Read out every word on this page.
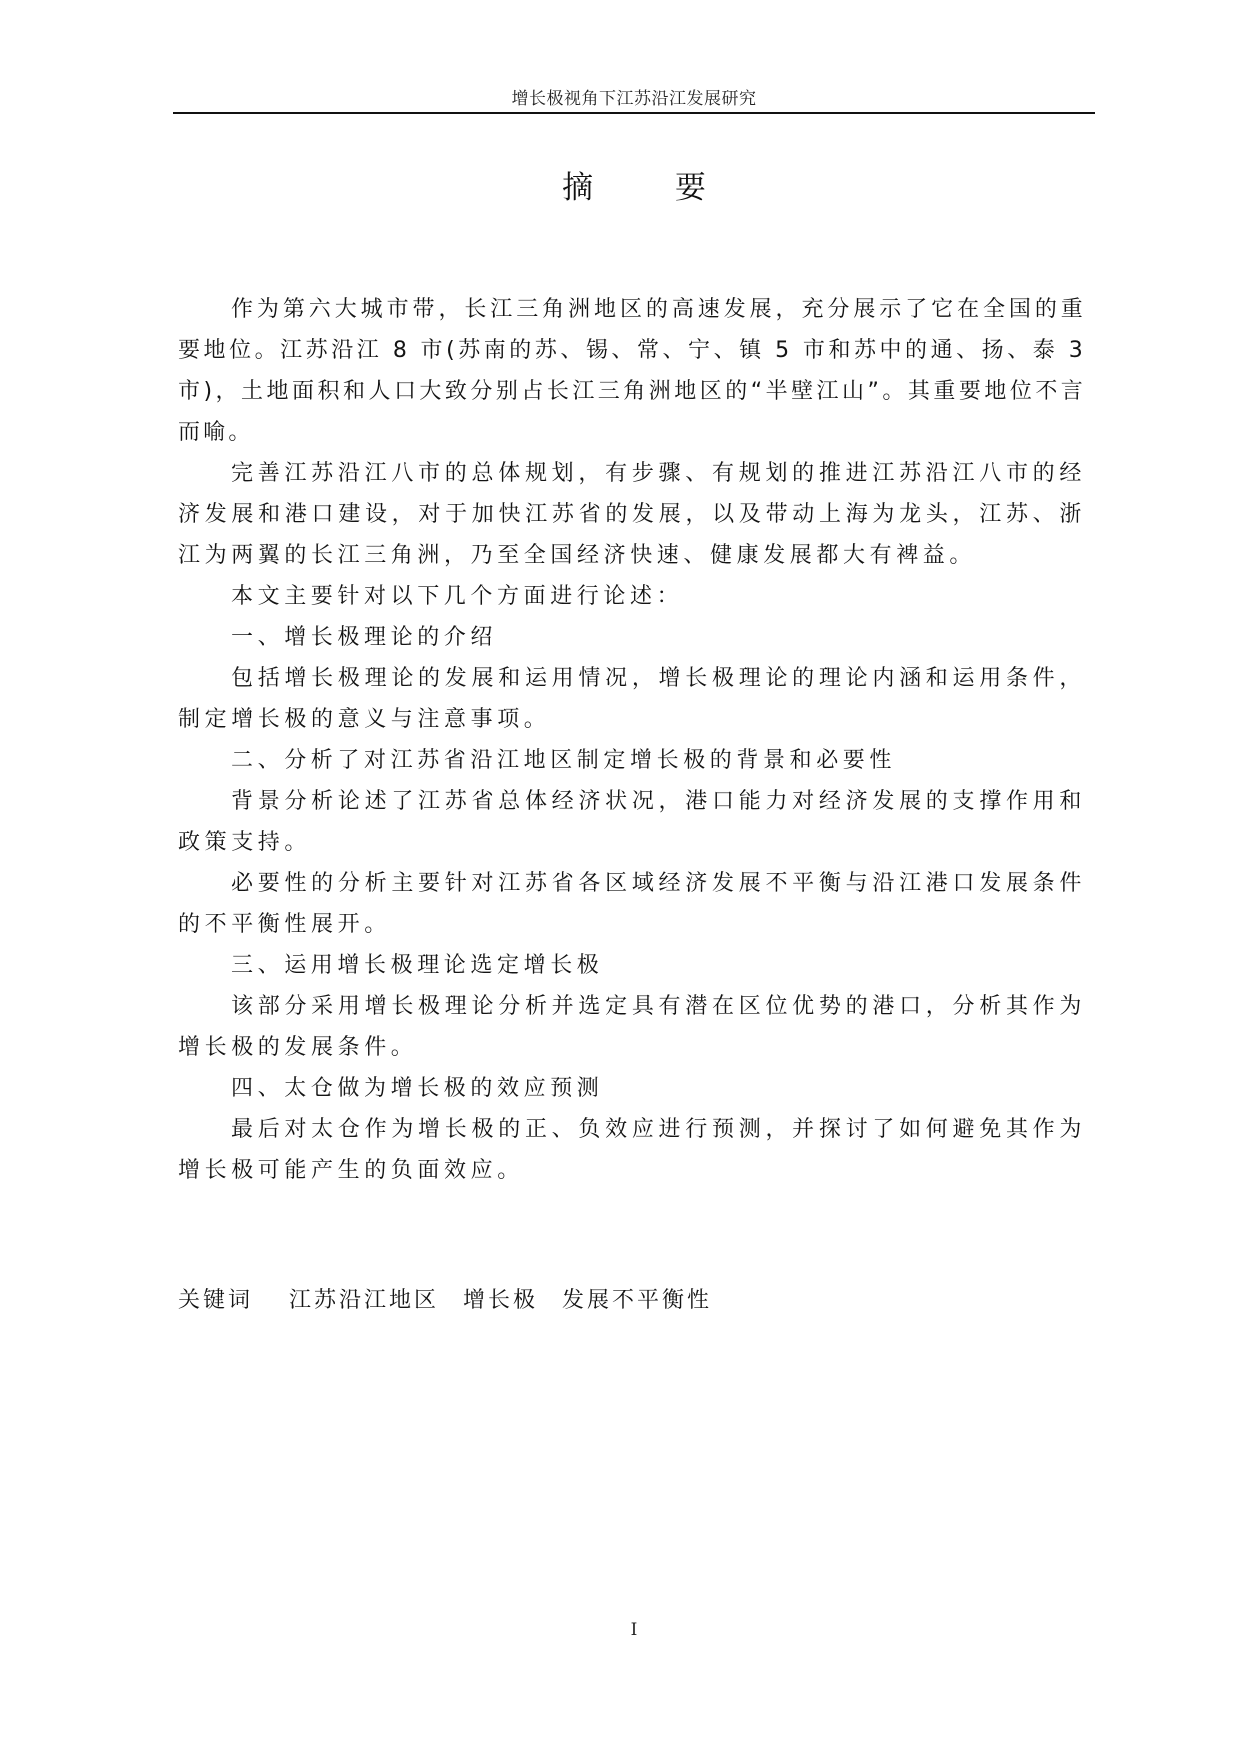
增长极视角下江苏沿江发展研究
摘 要

作为第六大城市带，长江三角洲地区的高速发展，充分展示了它在全国的重要地位。江苏沿江 8 市(苏南的苏、锡、常、宁、镇 5 市和苏中的通、扬、泰 3 市)，土地面积和人口大致分别占长江三角洲地区的“半壁江山”。其重要地位不言而喻。

完善江苏沿江八市的总体规划，有步骤、有规划的推进江苏沿江八市的经济发展和港口建设，对于加快江苏省的发展，以及带动上海为龙头，江苏、浙江为两翼的长江三角洲，乃至全国经济快速、健康发展都大有裨益。

本文主要针对以下几个方面进行论述：

一、增长极理论的介绍

包括增长极理论的发展和运用情况，增长极理论的理论内涵和运用条件，制定增长极的意义与注意事项。

二、分析了对江苏省沿江地区制定增长极的背景和必要性

背景分析论述了江苏省总体经济状况，港口能力对经济发展的支撑作用和政策支持。

必要性的分析主要针对江苏省各区域经济发展不平衡与沿江港口发展条件的不平衡性展开。

三、运用增长极理论选定增长极

该部分采用增长极理论分析并选定具有潜在区位优势的港口，分析其作为增长极的发展条件。

四、太仓做为增长极的效应预测

最后对太仓作为增长极的正、负效应进行预测，并探讨了如何避免其作为增长极可能产生的负面效应。

关键词 江苏沿江地区 增长极 发展不平衡性
I
